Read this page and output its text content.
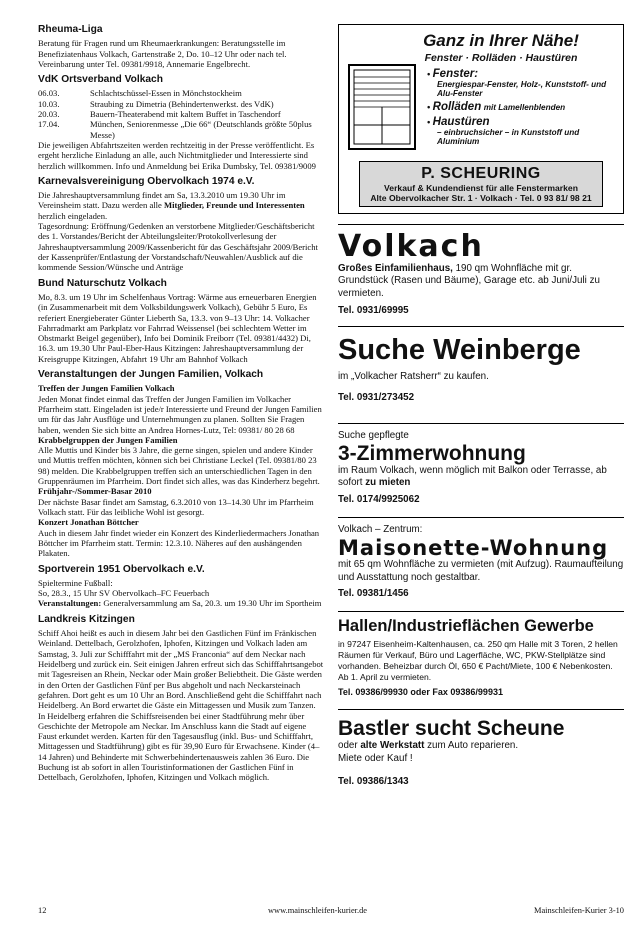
Rheuma-Liga

Beratung für Fragen rund um Rheumaerkrankungen: Beratungsstelle im Benefiziatenhaus Volkach, Gartenstraße 2, Do. 10–12 Uhr oder nach tel. Vereinbarung unter Tel. 09381/9918, Annemarie Engelbrecht.

VdK Ortsverband Volkach
06.03.	Schlachtschüssel-Essen in Mönchstockheim
10.03.	Straubing zu Dimetria (Behindertenwerkst. des VdK)
20.03.	Bauern-Theaterabend mit kaltem Buffet in Taschendorf
17.04.	München, Seniorenmesse „Die 66“ (Deutschlands größte 50plus Messe)

Die jeweiligen Abfahrtszeiten werden rechtzeitig in der Presse veröffentlicht. Es ergeht herzliche Einladung an alle, auch Nichtmitglieder und Interessierte sind herzlich willkommen. Info und Anmeldung bei Erika Dumbsky, Tel. 09381/9009

Karnevalsvereinigung Obervolkach 1974 e.V.

Die Jahreshauptversammlung findet am Sa, 13.3.2010 um 19.30 Uhr im Vereinsheim statt. Dazu werden alle Mitglieder, Freunde und Interessenten herzlich eingeladen.

Tagesordnung: Eröffnung/Gedenken an verstorbene Mitglieder/Geschäftsbericht des 1. Vorstandes/Bericht der Abteilungsleiter/Protokollverlesung der Jahreshauptversammlung 2009/Kassenbericht für das Geschäftsjahr 2009/Bericht der Kassenprüfer/Entlastung der Vorstandschaft/Neuwahlen/Ausblick auf die kommende Session/Wünsche und Anträge

Bund Naturschutz Volkach

Mo, 8.3. um 19 Uhr im Schelfenhaus Vortrag: Wärme aus erneuerbaren Energien (in Zusammenarbeit mit dem Volksbildungswerk Volkach), Gebühr 5 Euro, Es referiert Energieberater Günter Lieberth Sa, 13.3. von 9–13 Uhr: 14. Volkacher Fahrradmarkt am Parkplatz vor Fahrrad Weissensel (bei schlechtem Wetter im Obstmarkt Beigel gegenüber), Info bei Dominik Freiborr (Tel. 09381/4432) Di, 16.3. um 19.30 Uhr Paul-Eber-Haus Kitzingen: Jahreshauptversammlung der Kreisgruppe Kitzingen, Abfahrt 19 Uhr am Bahnhof Volkach

Veranstaltungen der Jungen Familien, Volkach

Treffen der Jungen Familien Volkach

Jeden Monat findet einmal das Treffen der Jungen Familien im Volkacher Pfarrheim statt. Eingeladen ist jede/r Interessierte und Freund der Jungen Familien um für das Jahr Ausflüge und Unternehmungen zu planen. Sollten Sie Fragen haben, wenden Sie sich bitte an Andrea Hornes-Lutz, Tel: 09381/ 80 28 68

Krabbelgruppen der Jungen Familien

Alle Muttis und Kinder bis 3 Jahre, die gerne singen, spielen und andere Kinder und Muttis treffen möchten, können sich bei Christiane Leckel (Tel. 09381/80 23 98) melden. Die Krabbelgruppen treffen sich an unterschiedlichen Tagen in den Gruppenräumen im Pfarrheim. Dort findet sich alles, was das Kinderherz begehrt.

Frühjahr-/Sommer-Basar 2010

Der nächste Basar findet am Samstag, 6.3.2010 von 13–14.30 Uhr im Pfarrheim Volkach statt. Für das leibliche Wohl ist gesorgt.

Konzert Jonathan Böttcher

Auch in diesem Jahr findet wieder ein Konzert des Kinderliedermachers Jonathan Böttcher im Pfarrheim statt. Termin: 12.3.10. Näheres auf den aushängenden Plakaten.

Sportverein 1951 Obervolkach e.V.

Spieltermine Fußball:

So, 28.3., 15 Uhr SV Obervolkach–FC Feuerbach

Veranstaltungen: Generalversammlung am Sa, 20.3. um 19.30 Uhr im Sportheim

Landkreis Kitzingen

Schiff Ahoi heißt es auch in diesem Jahr bei den Gastlichen Fünf im Fränkischen Weinland. Dettelbach, Gerolzhofen, Iphofen, Kitzingen und Volkach laden am Samstag, 3. Juli zur Schifffahrt mit der „MS Franconia“ auf dem Neckar nach Heidelberg und zurück ein. Seit einigen Jahren erfreut sich das Schifffahrtsangebot mit Tagesreisen an Rhein, Neckar oder Main großer Beliebtheit. Die Gäste werden in den Orten der Gastlichen Fünf per Bus abgeholt und nach Neckarsteinach gefahren. Dort geht es um 10 Uhr an Bord. Anschließend geht die Schifffahrt nach Heidelberg. An Bord erwartet die Gäste ein Mittagessen und Musik zum Tanzen. In Heidelberg erfahren die Schiffsreisenden bei einer Stadtführung mehr über Geschichte der Metropole am Neckar. Im Anschluss kann die Stadt auf eigene Faust erkundet werden. Karten für den Tagesausflug (inkl. Bus- und Schifffahrt, Mittagessen und Stadtführung) gibt es für 39,90 Euro für Erwachsene. Kinder (4–14 Jahren) und Behinderte mit Schwerbehindertenausweis zahlen 36 Euro. Die Buchung ist ab sofort in allen Touristinformationen der Gastlichen Fünf in Dettelbach, Gerolzhofen, Iphofen, Kitzingen und Volkach möglich.

Ganz in Ihrer Nähe!
Fenster · Rolläden · Haustüren
• Fenster:
Energiespar-Fenster, Holz-, Kunststoff- und Alu-Fenster
• Rolläden mit Lamellenblenden
• Haustüren
– einbruchsicher – in Kunststoff und Aluminium
P. SCHEURING
Verkauf & Kundendienst für alle Fenstermarken
Alte Obervolkacher Str. 1 · Volkach · Tel. 0 93 81/ 98 21
Volkach
Großes Einfamilienhaus, 190 qm Wohnfläche mit gr. Grundstück (Rasen und Bäume), Garage etc. ab Juni/Juli zu vermieten.
Tel. 0931/69995
Suche Weinberge
im „Volkacher Ratsherr“ zu kaufen.
Tel. 0931/273452
Suche gepflegte
3-Zimmerwohnung
im Raum Volkach, wenn möglich mit Balkon oder Terrasse, ab sofort zu mieten
Tel. 0174/9925062
Volkach – Zentrum:
Maisonette-Wohnung
mit 65 qm Wohnfläche zu vermieten (mit Aufzug). Raumaufteilung und Ausstattung noch gestaltbar.
Tel. 09381/1456
Hallen/Industrieflächen Gewerbe
in 97247 Eisenheim-Kaltenhausen, ca. 250 qm Halle mit 3 Toren, 2 hellen Räumen für Verkauf, Büro und Lagerfläche, WC, PKW-Stellplätze sind vorhanden. Beheizbar durch Öl, 650 € Pacht/Miete, 100 € Nebenkosten. Ab 1. April zu vermieten.
Tel. 09386/99930 oder Fax 09386/99931
Bastler sucht Scheune
oder alte Werkstatt zum Auto reparieren.
Miete oder Kauf !
Tel. 09386/1343
12	www.mainschleifen-kurier.de	Mainschleifen-Kurier 3-10
